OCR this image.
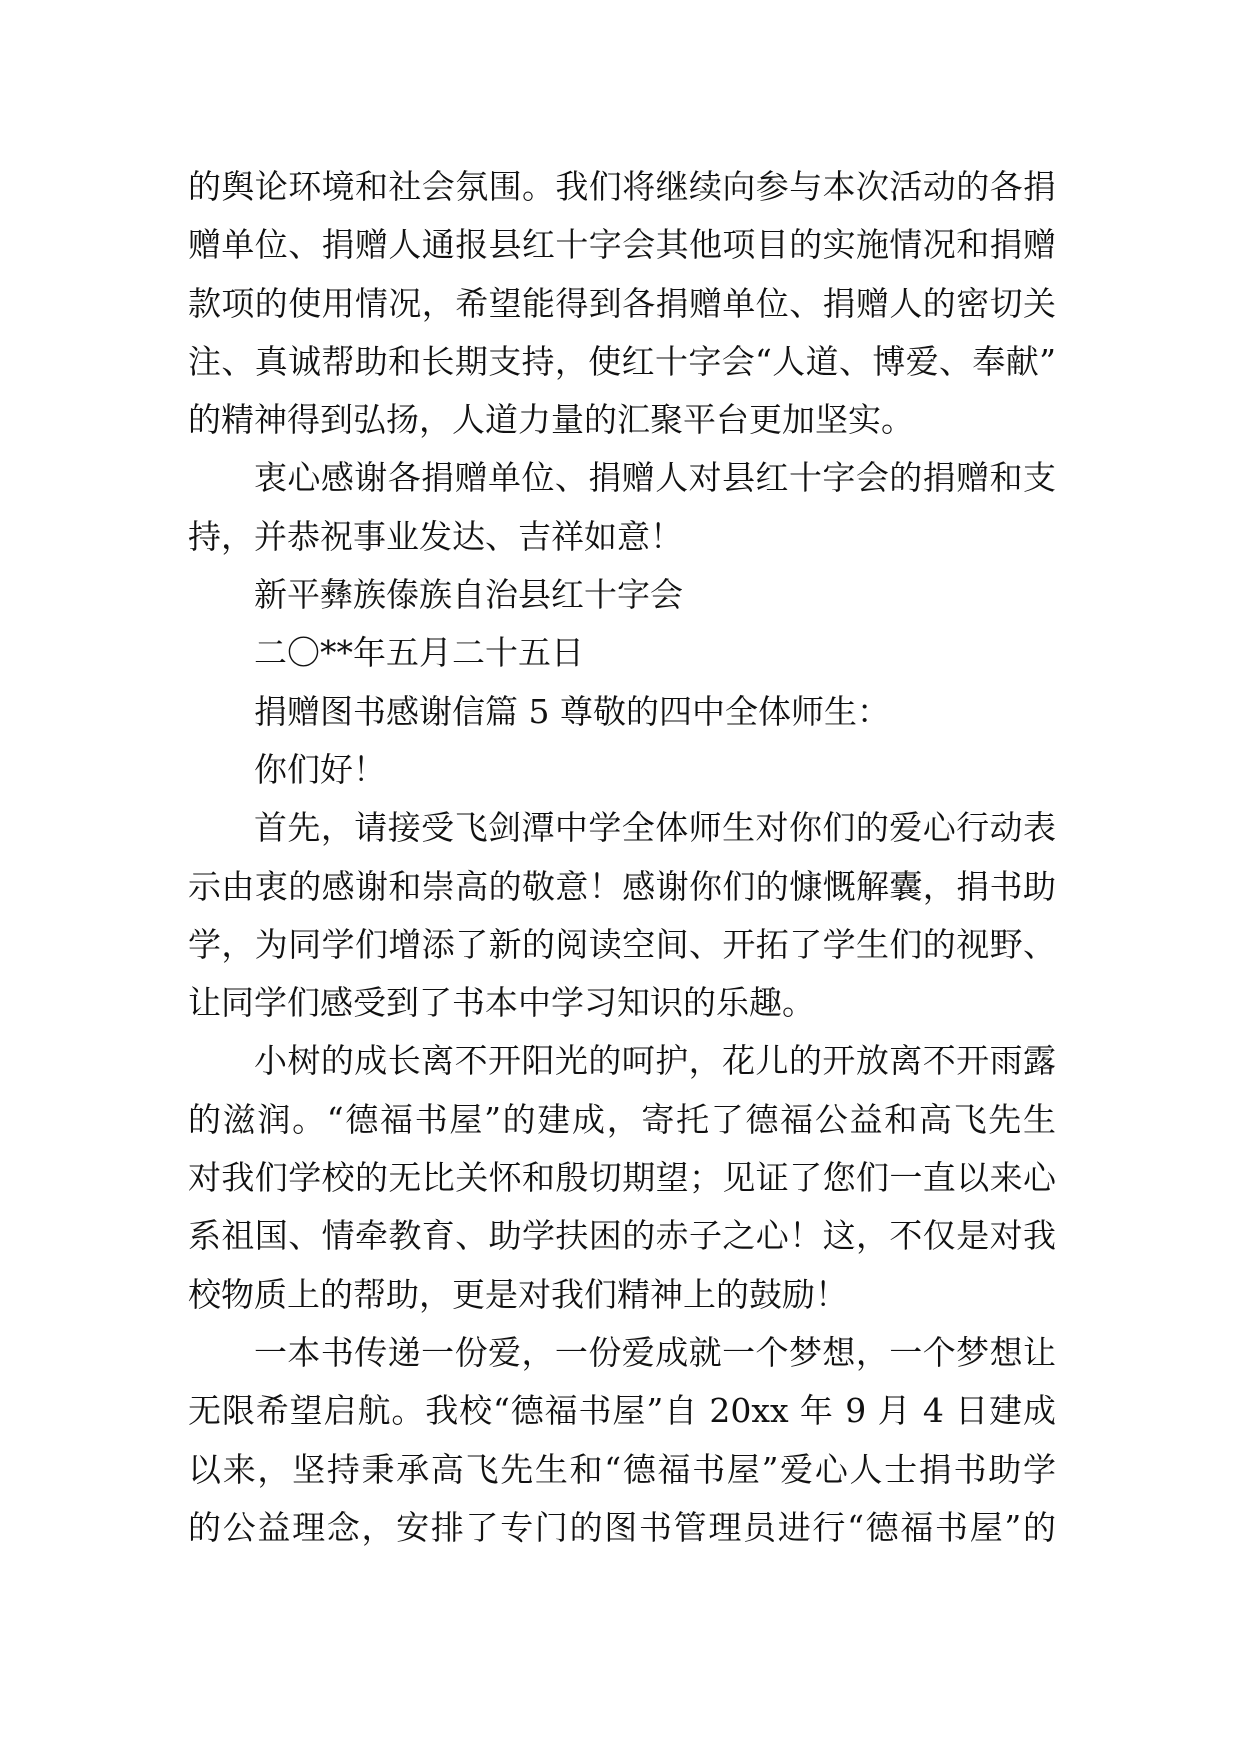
的舆论环境和社会氛围。我们将继续向参与本次活动的各捐
赠单位、捐赠人通报县红十字会其他项目的实施情况和捐赠
款项的使用情况，希望能得到各捐赠单位、捐赠人的密切关
注、真诚帮助和长期支持，使红十字会“人道、博爱、奉献”
的精神得到弘扬，人道力量的汇聚平台更加坚实。
衷心感谢各捐赠单位、捐赠人对县红十字会的捐赠和支
持，并恭祝事业发达、吉祥如意！
新平彝族傣族自治县红十字会
二〇**年五月二十五日
捐赠图书感谢信篇 5 尊敬的四中全体师生：
你们好！
首先，请接受飞剑潭中学全体师生对你们的爱心行动表
示由衷的感谢和崇高的敬意！感谢你们的慷慨解囊，捐书助
学，为同学们增添了新的阅读空间、开拓了学生们的视野、
让同学们感受到了书本中学习知识的乐趣。
小树的成长离不开阳光的呵护，花儿的开放离不开雨露
的滋润。“德福书屋”的建成，寄托了德福公益和高飞先生
对我们学校的无比关怀和殷切期望；见证了您们一直以来心
系祖国、情牵教育、助学扶困的赤子之心！这，不仅是对我
校物质上的帮助，更是对我们精神上的鼓励！
一本书传递一份爱，一份爱成就一个梦想，一个梦想让
无限希望启航。我校“德福书屋”自 20xx 年 9 月 4 日建成
以来，坚持秉承高飞先生和“德福书屋”爱心人士捐书助学
的公益理念，安排了专门的图书管理员进行“德福书屋”的
